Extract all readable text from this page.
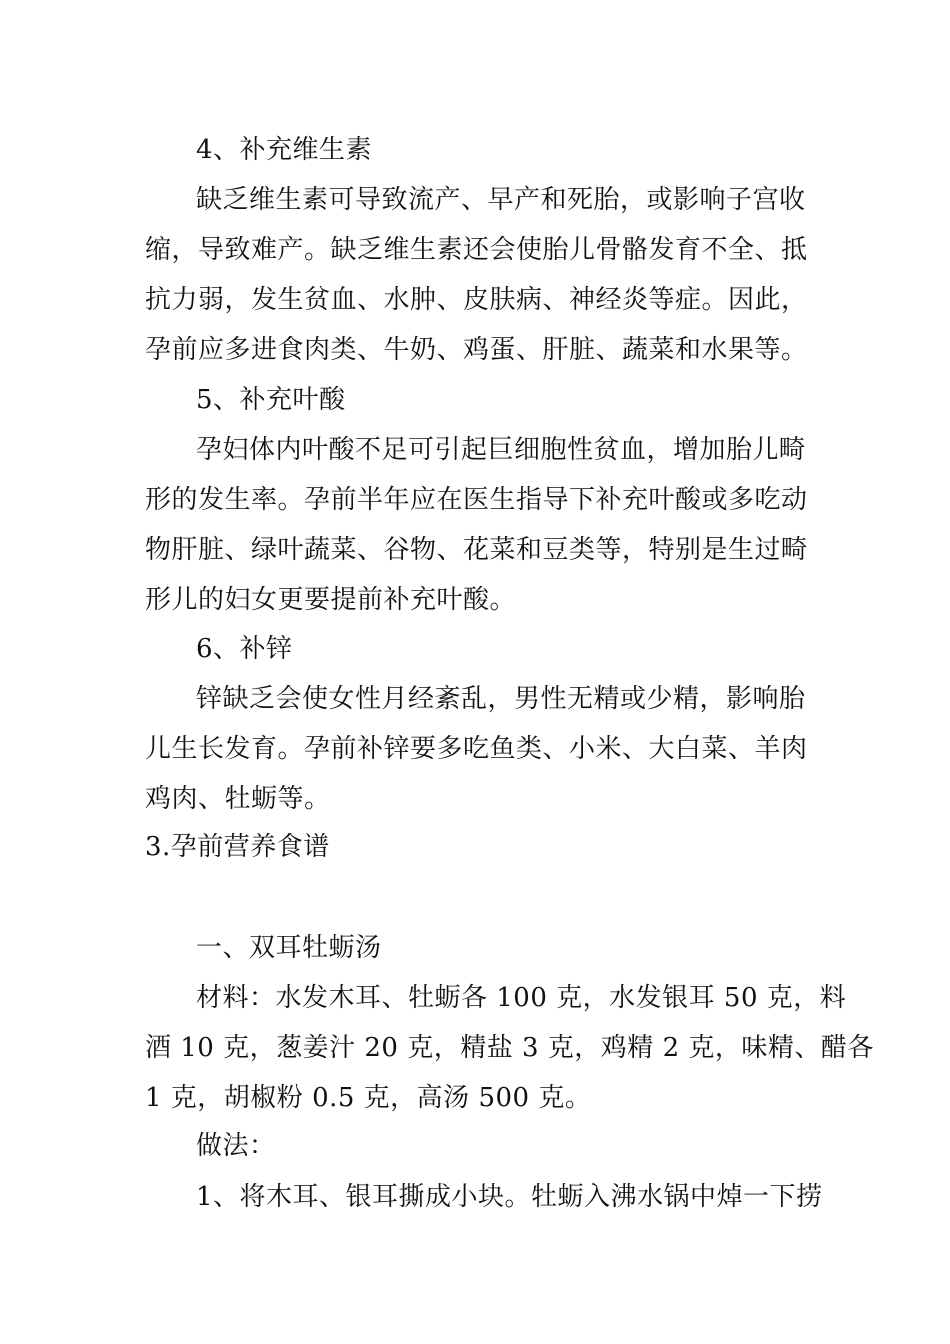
4、补充维生素
缺乏维生素可导致流产、早产和死胎，或影响子宫收
缩，导致难产。缺乏维生素还会使胎儿骨骼发育不全、抵
抗力弱，发生贫血、水肿、皮肤病、神经炎等症。因此，
孕前应多进食肉类、牛奶、鸡蛋、肝脏、蔬菜和水果等。
5、补充叶酸
孕妇体内叶酸不足可引起巨细胞性贫血，增加胎儿畸
形的发生率。孕前半年应在医生指导下补充叶酸或多吃动
物肝脏、绿叶蔬菜、谷物、花菜和豆类等，特别是生过畸
形儿的妇女更要提前补充叶酸。
6、补锌
锌缺乏会使女性月经紊乱，男性无精或少精，影响胎
儿生长发育。孕前补锌要多吃鱼类、小米、大白菜、羊肉
鸡肉、牡蛎等。
3.孕前营养食谱
一、双耳牡蛎汤
材料：水发木耳、牡蛎各 100 克，水发银耳 50 克，料
酒 10 克，葱姜汁 20 克，精盐 3 克，鸡精 2 克，味精、醋各
1 克，胡椒粉 0.5 克，高汤 500 克。
做法：
1、将木耳、银耳撕成小块。牡蛎入沸水锅中焯一下捞
